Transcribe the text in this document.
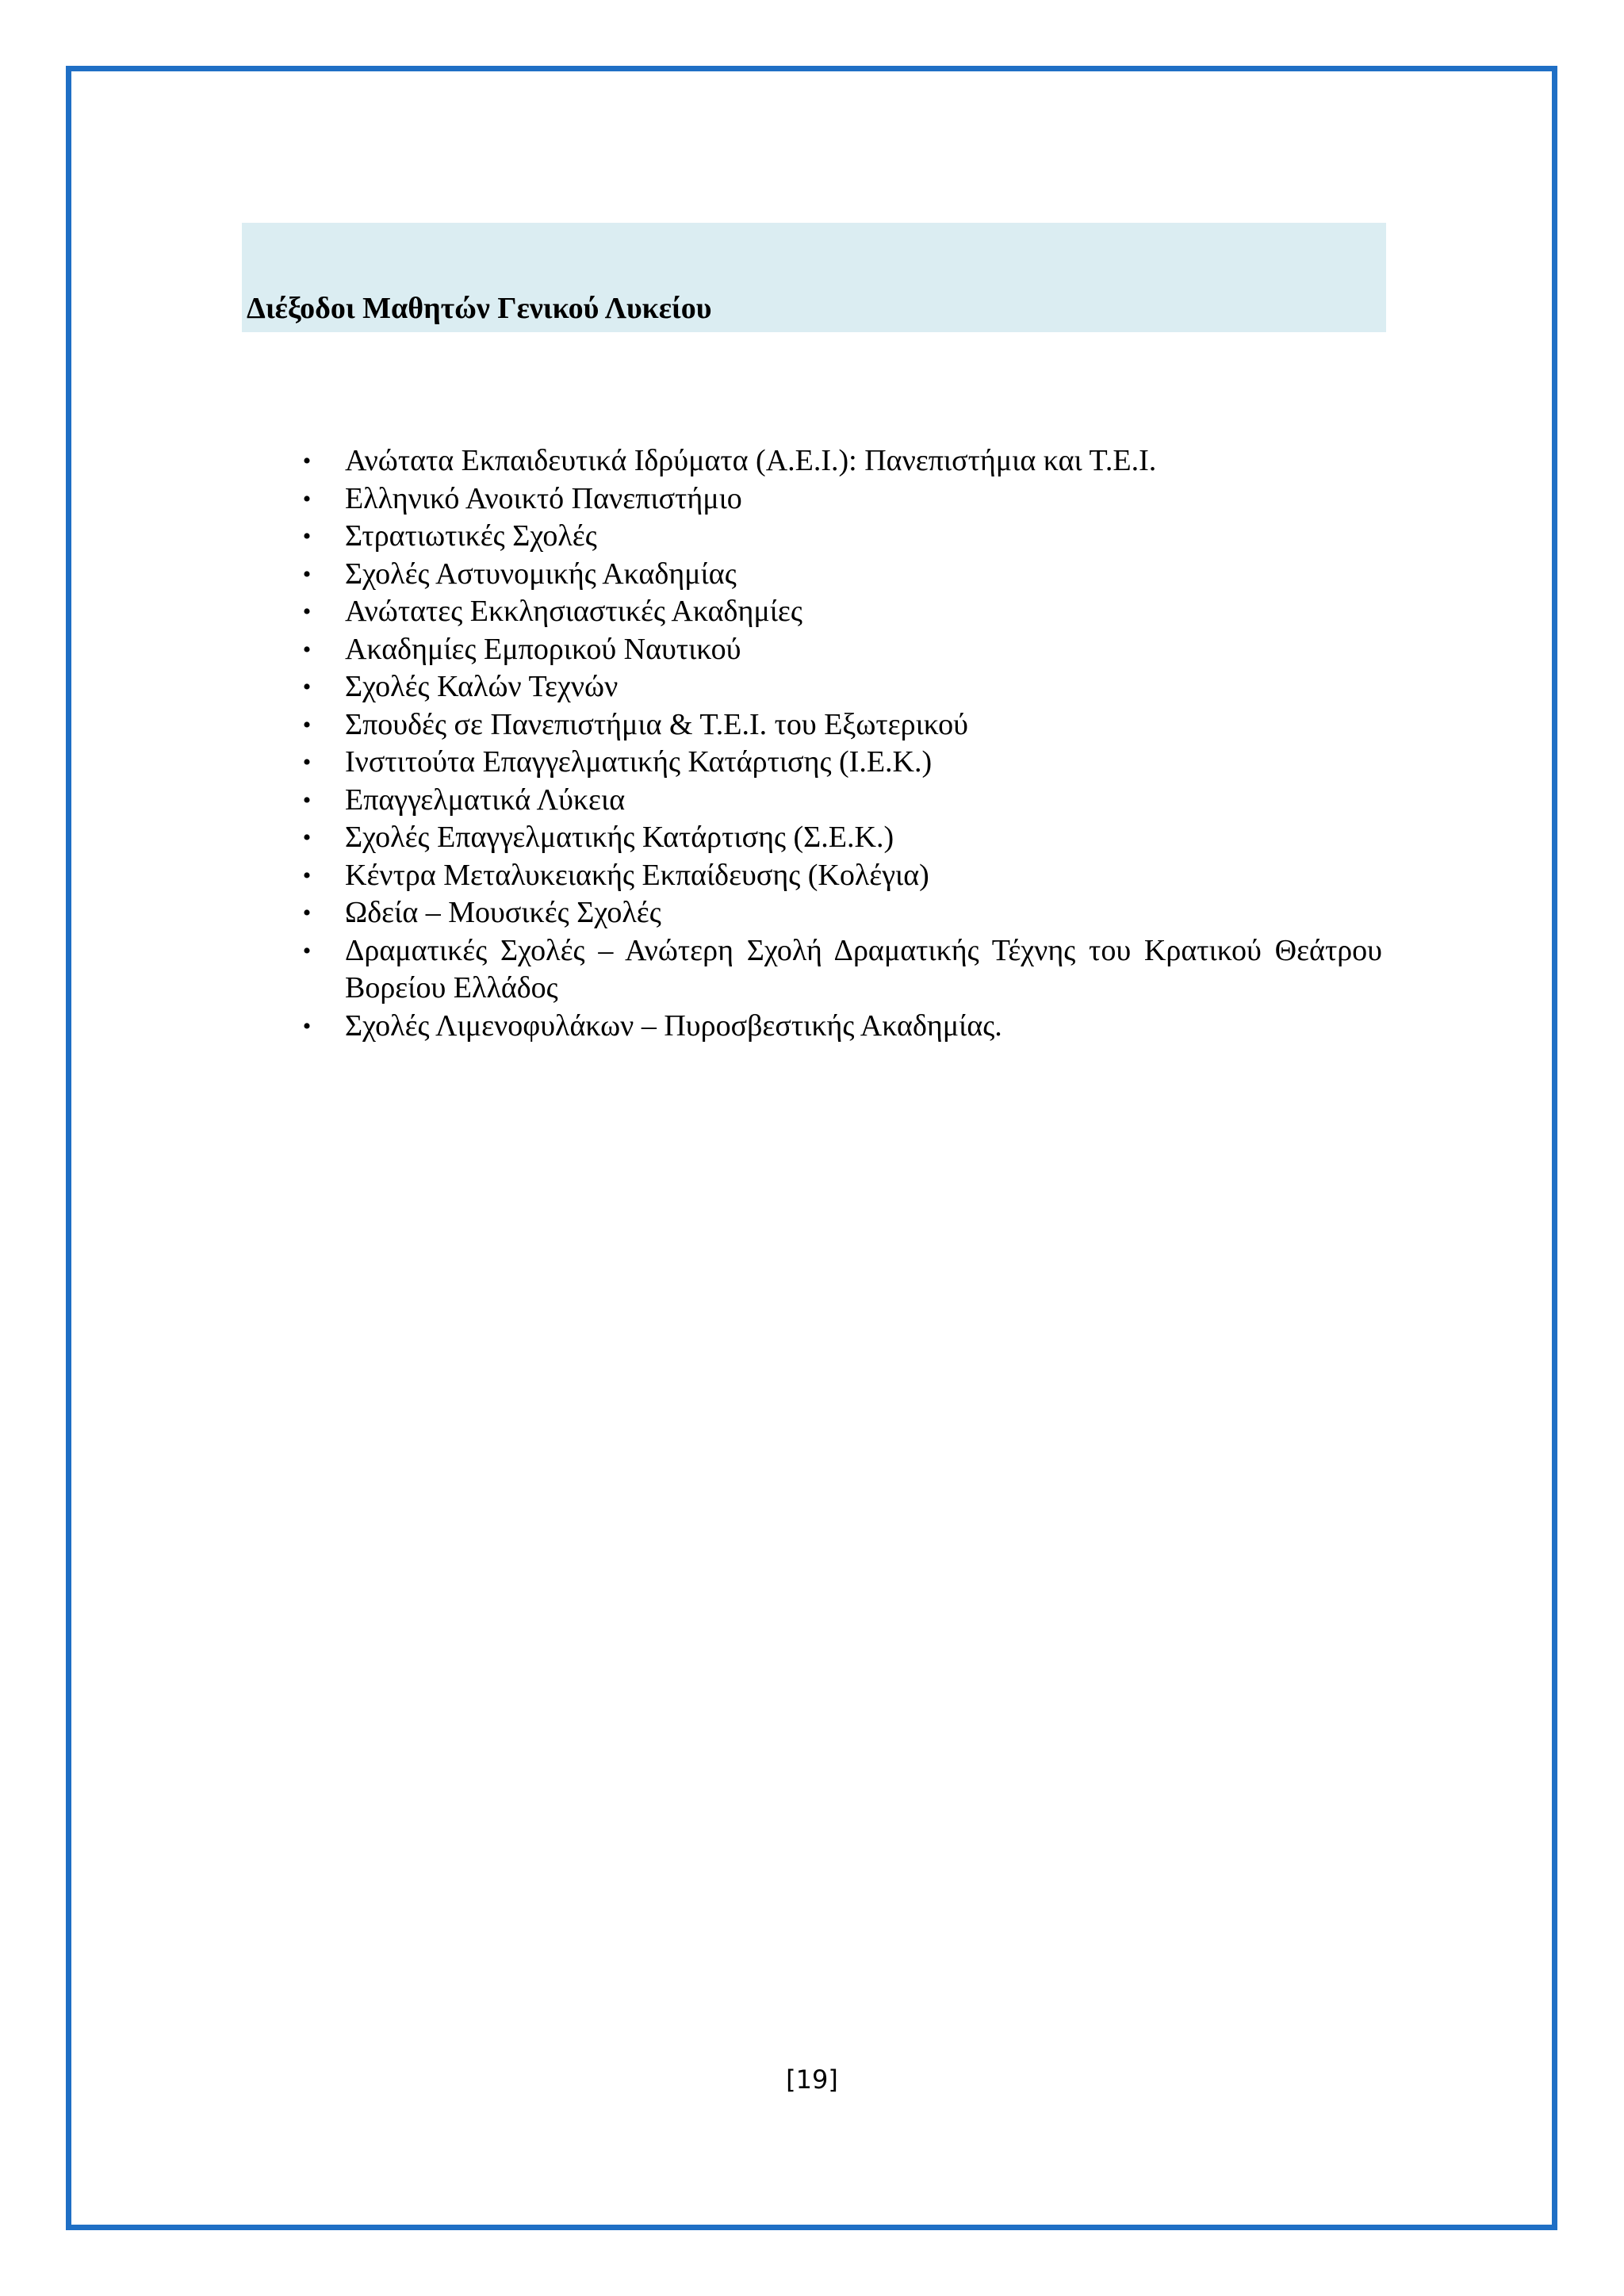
Διέξοδοι Μαθητών Γενικού Λυκείου
• Ανώτατα Εκπαιδευτικά Ιδρύματα (Α.Ε.Ι.): Πανεπιστήμια και Τ.Ε.Ι.
• Ελληνικό Ανοικτό Πανεπιστήμιο
• Στρατιωτικές Σχολές
• Σχολές Αστυνομικής Ακαδημίας
• Ανώτατες Εκκλησιαστικές Ακαδημίες
• Ακαδημίες Εμπορικού Ναυτικού
• Σχολές Καλών Τεχνών
• Σπουδές σε Πανεπιστήμια & Τ.Ε.Ι. του Εξωτερικού
• Ινστιτούτα Επαγγελματικής Κατάρτισης (Ι.Ε.Κ.)
• Επαγγελματικά Λύκεια
• Σχολές Επαγγελματικής Κατάρτισης (Σ.Ε.Κ.)
• Κέντρα Μεταλυκειακής Εκπαίδευσης (Κολέγια)
• Ωδεία – Μουσικές Σχολές
• Δραματικές Σχολές – Ανώτερη Σχολή Δραματικής Τέχνης του Κρατικού Θεάτρου Βορείου Ελλάδος
• Σχολές Λιμενοφυλάκων – Πυροσβεστικής Ακαδημίας.
[19]
